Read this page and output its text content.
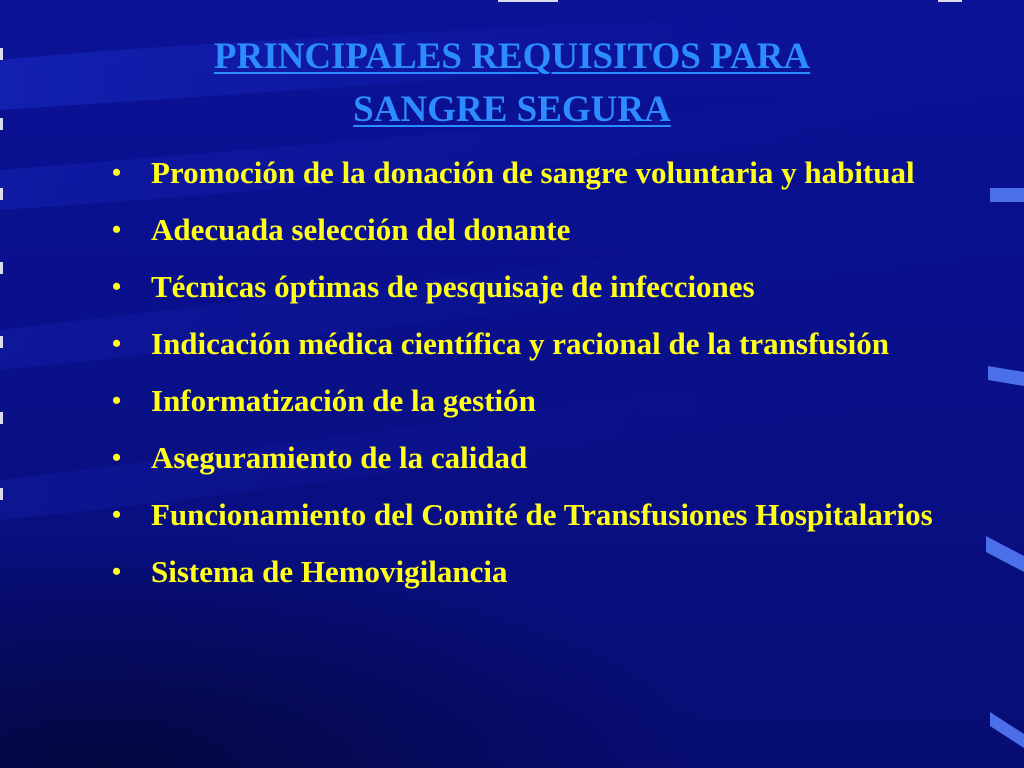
PRINCIPALES REQUISITOS PARA
SANGRE SEGURA
• Promoción de la donación de sangre voluntaria y habitual
• Adecuada selección del donante
• Técnicas óptimas de pesquisaje de infecciones
• Indicación médica científica y racional de la transfusión
• Informatización de la gestión
• Aseguramiento de la calidad
• Funcionamiento del Comité de Transfusiones Hospitalarios
• Sistema de Hemovigilancia
